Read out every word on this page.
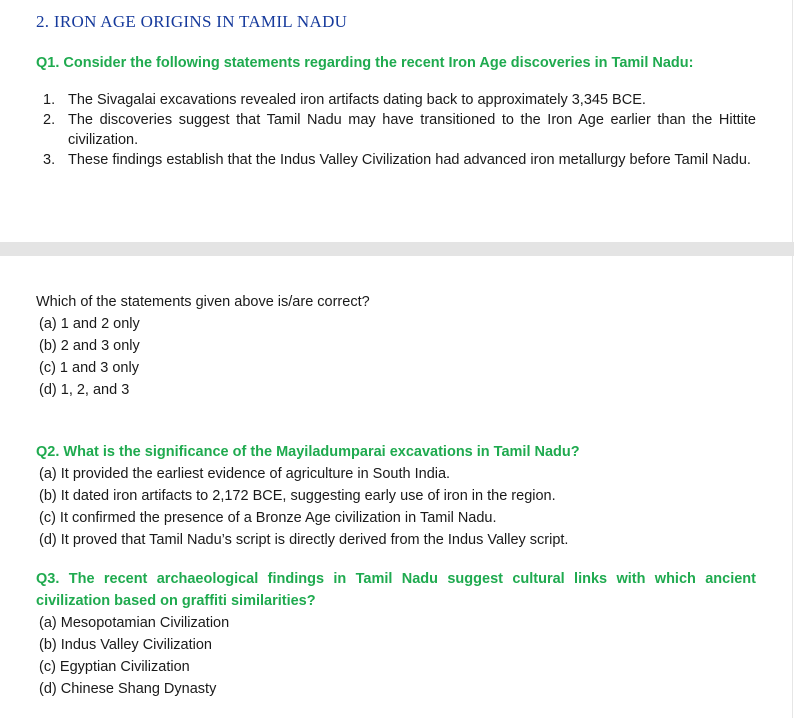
2. IRON AGE ORIGINS IN TAMIL NADU

Q1. Consider the following statements regarding the recent Iron Age discoveries in Tamil Nadu:

1. The Sivagalai excavations revealed iron artifacts dating back to approximately 3,345 BCE.
2. The discoveries suggest that Tamil Nadu may have transitioned to the Iron Age earlier than the Hittite civilization.
3. These findings establish that the Indus Valley Civilization had advanced iron metallurgy before Tamil Nadu.
Which of the statements given above is/are correct?
(a) 1 and 2 only
(b) 2 and 3 only
(c) 1 and 3 only
(d) 1, 2, and 3
Q2. What is the significance of the Mayiladumparai excavations in Tamil Nadu?
(a) It provided the earliest evidence of agriculture in South India.
(b) It dated iron artifacts to 2,172 BCE, suggesting early use of iron in the region.
(c) It confirmed the presence of a Bronze Age civilization in Tamil Nadu.
(d) It proved that Tamil Nadu’s script is directly derived from the Indus Valley script.
Q3. The recent archaeological findings in Tamil Nadu suggest cultural links with which ancient civilization based on graffiti similarities?
(a) Mesopotamian Civilization
(b) Indus Valley Civilization
(c) Egyptian Civilization
(d) Chinese Shang Dynasty
